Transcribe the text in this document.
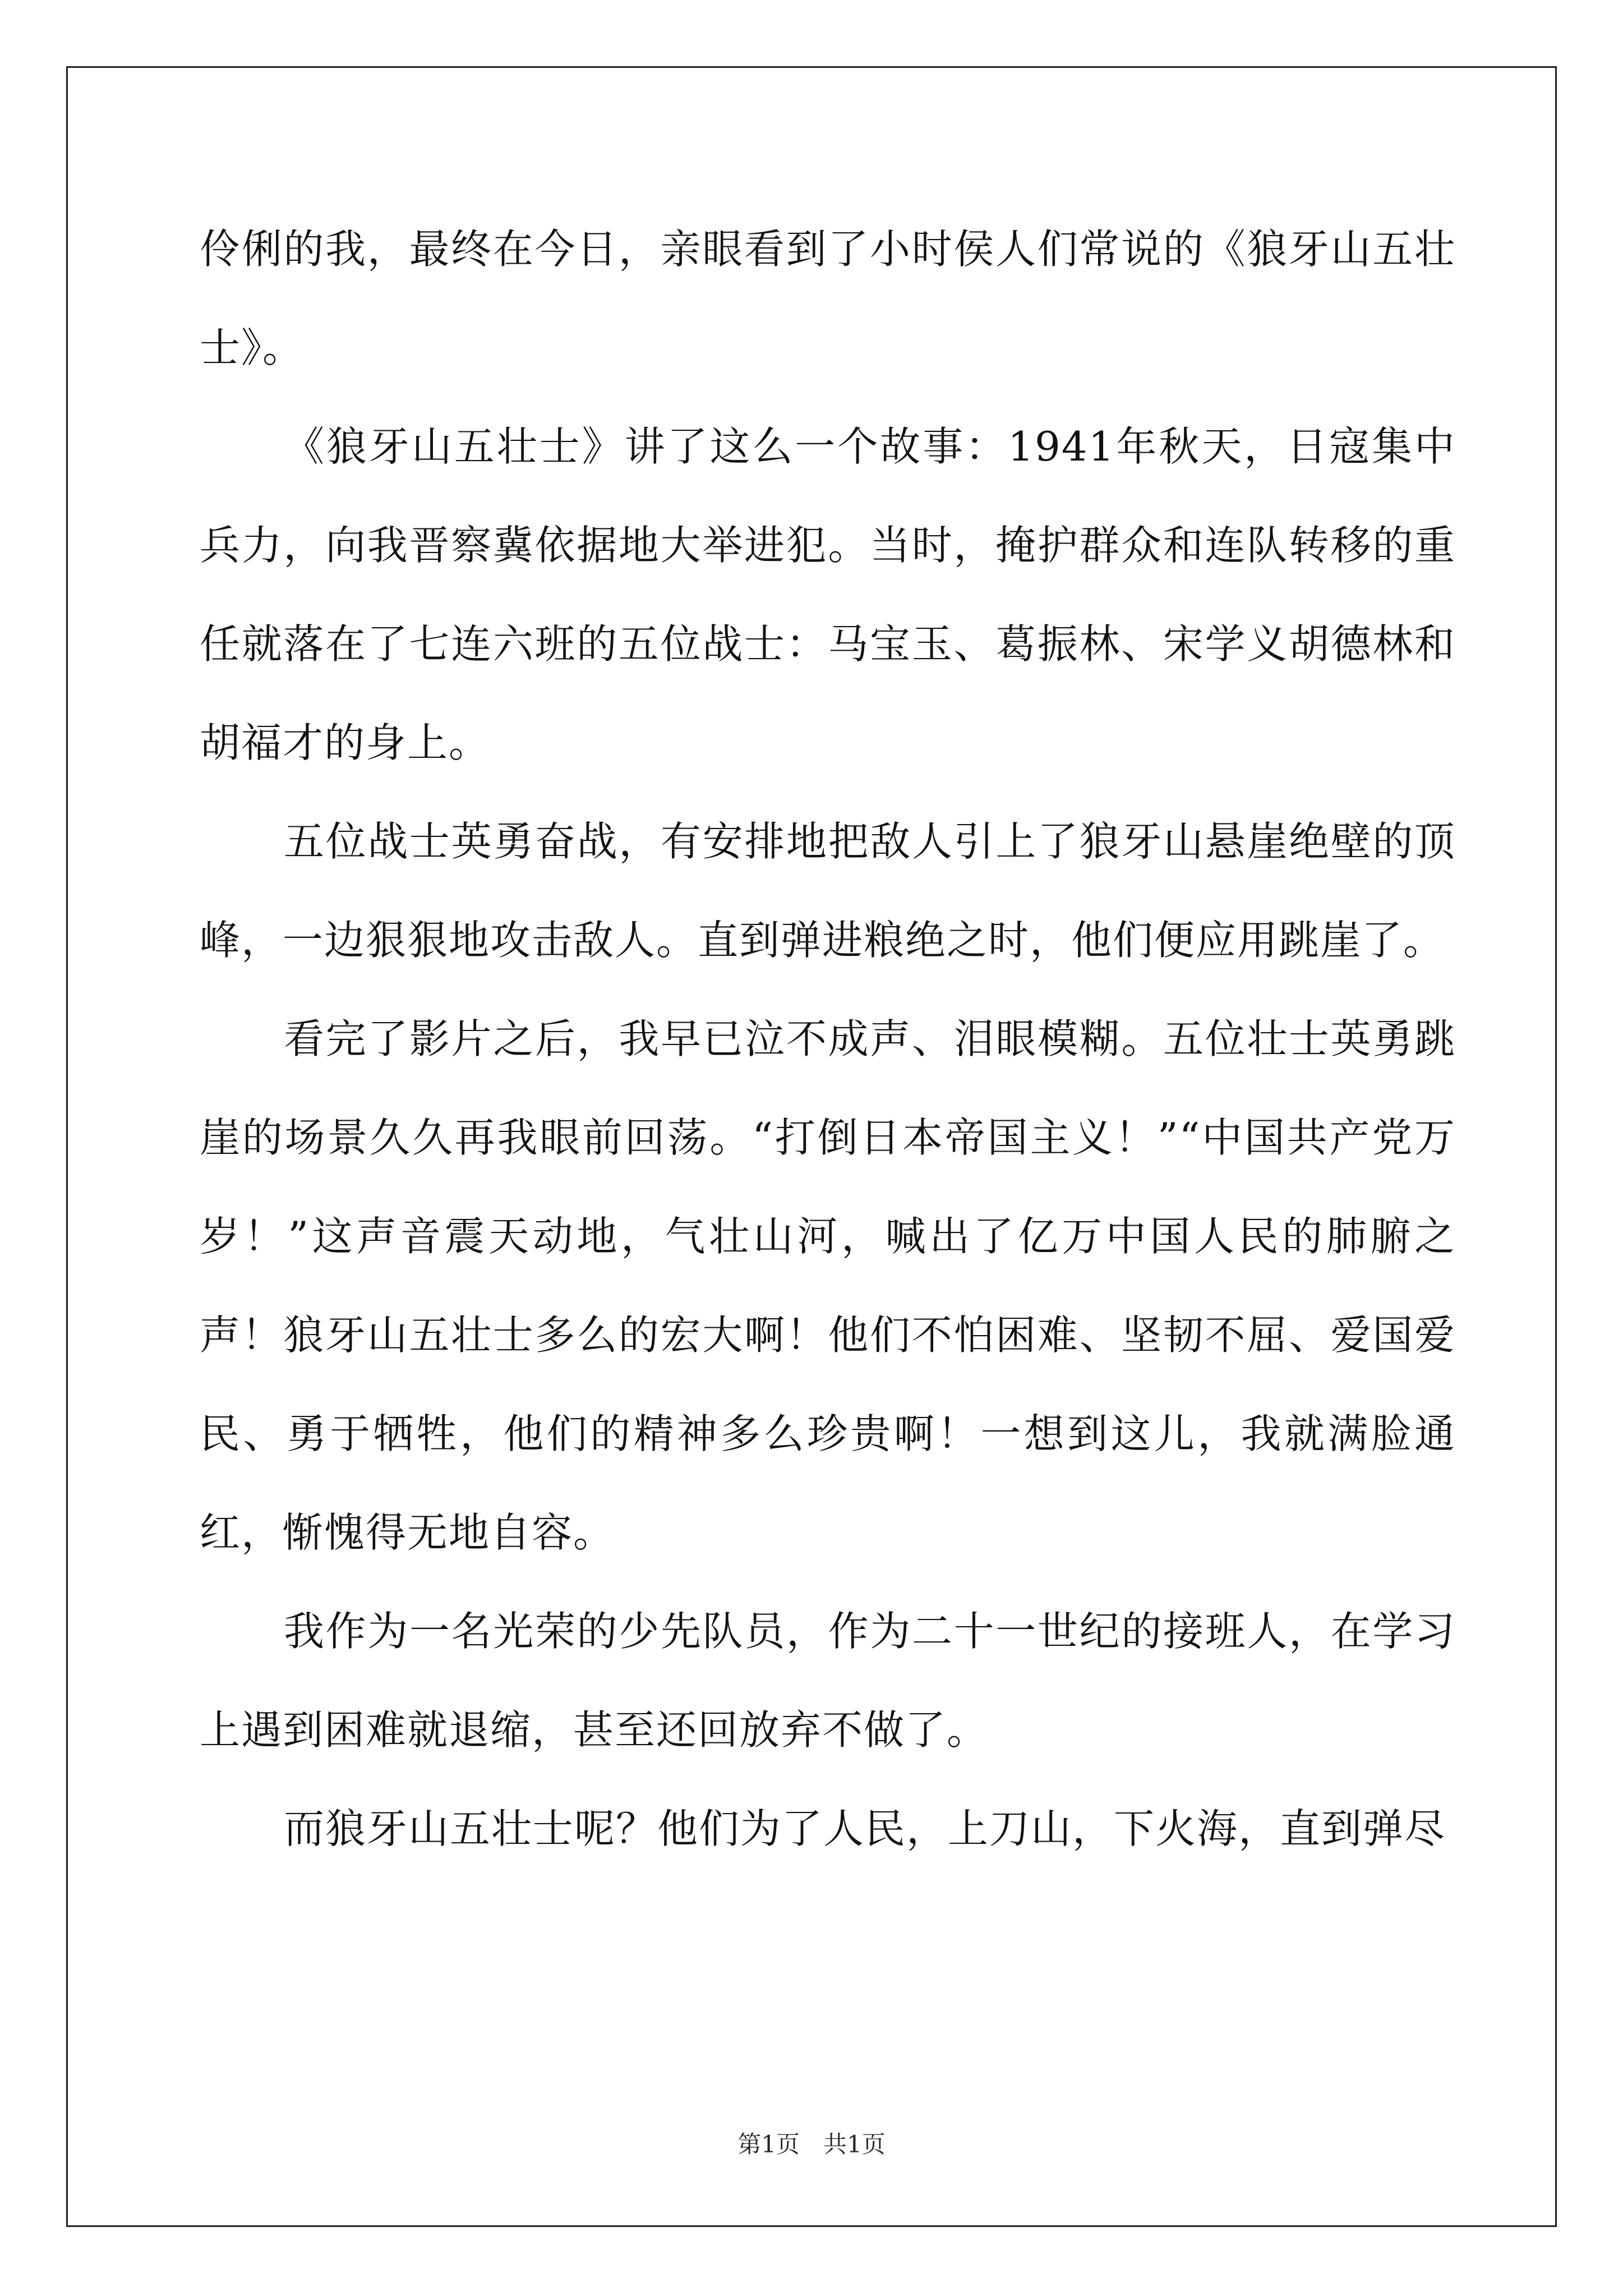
伶俐的我，最终在今日，亲眼看到了小时侯人们常说的《狼牙山五壮士》。

《狼牙山五壮士》讲了这么一个故事：1941年秋天，日寇集中兵力，向我晋察冀依据地大举进犯。当时，掩护群众和连队转移的重任就落在了七连六班的五位战士：马宝玉、葛振林、宋学义胡德林和胡福才的身上。

五位战士英勇奋战，有安排地把敌人引上了狼牙山悬崖绝壁的顶峰，一边狠狠地攻击敌人。直到弹进粮绝之时，他们便应用跳崖了。

看完了影片之后，我早已泣不成声、泪眼模糊。五位壮士英勇跳崖的场景久久再我眼前回荡。“打倒日本帝国主义！”“中国共产党万岁！”这声音震天动地，气壮山河，喊出了亿万中国人民的肺腑之声！狼牙山五壮士多么的宏大啊！他们不怕困难、坚韧不屈、爱国爱民、勇于牺牲，他们的精神多么珍贵啊！一想到这儿，我就满脸通红，惭愧得无地自容。

我作为一名光荣的少先队员，作为二十一世纪的接班人，在学习上遇到困难就退缩，甚至还回放弃不做了。

而狼牙山五壮士呢？他们为了人民，上刀山，下火海，直到弹尽

第1页　共1页
